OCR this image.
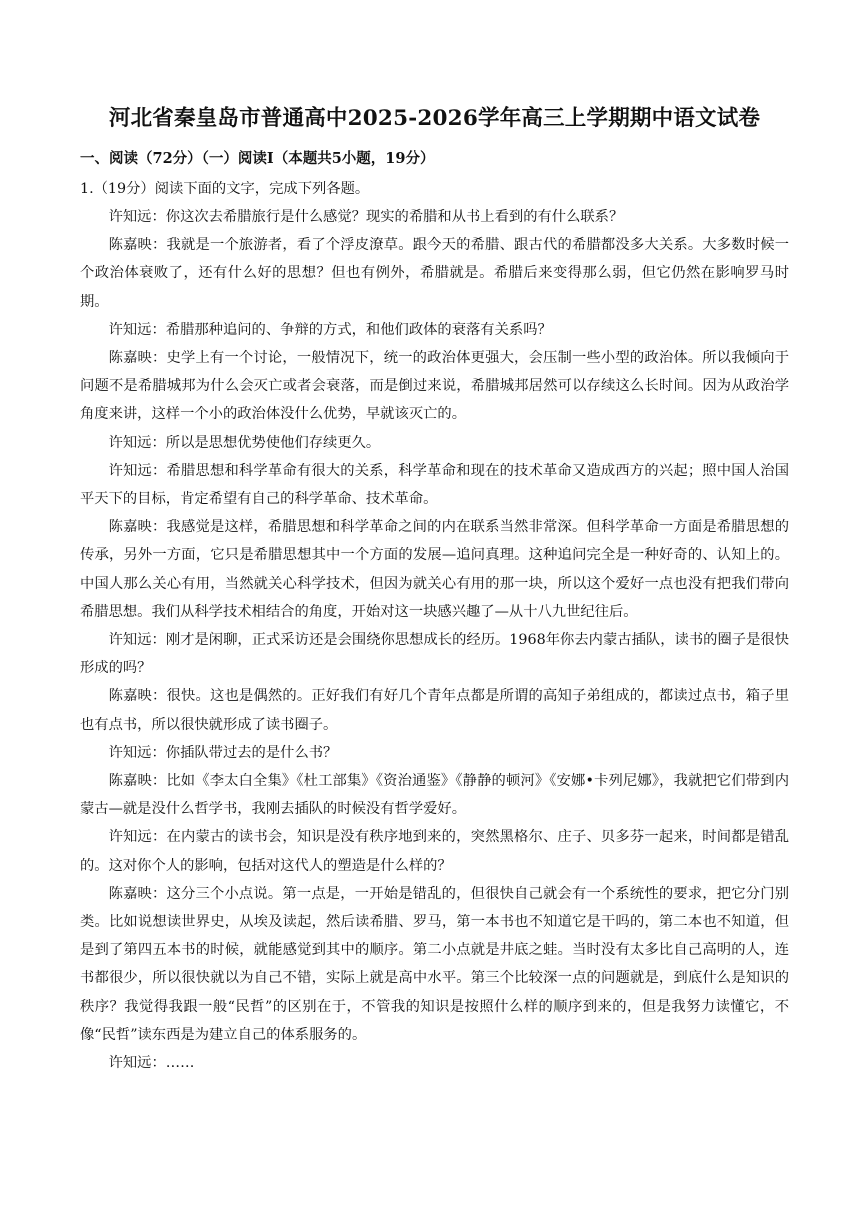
河北省秦皇岛市普通高中2025-2026学年高三上学期期中语文试卷
一、阅读（72分）（一）阅读I（本题共5小题，19分）

1.（19分）阅读下面的文字，完成下列各题。

许知远：你这次去希腊旅行是什么感觉？现实的希腊和从书上看到的有什么联系？

陈嘉映：我就是一个旅游者，看了个浮皮潦草。跟今天的希腊、跟古代的希腊都没多大关系。大多数时候一个政治体衰败了，还有什么好的思想？但也有例外，希腊就是。希腊后来变得那么弱，但它仍然在影响罗马时期。

许知远：希腊那种追问的、争辩的方式，和他们政体的衰落有关系吗？

陈嘉映：史学上有一个讨论，一般情况下，统一的政治体更强大，会压制一些小型的政治体。所以我倾向于问题不是希腊城邦为什么会灭亡或者会衰落，而是倒过来说，希腊城邦居然可以存续这么长时间。因为从政治学角度来讲，这样一个小的政治体没什么优势，早就该灭亡的。

许知远：所以是思想优势使他们存续更久。

许知远：希腊思想和科学革命有很大的关系，科学革命和现在的技术革命又造成西方的兴起；照中国人治国平天下的目标，肯定希望有自己的科学革命、技术革命。

陈嘉映：我感觉是这样，希腊思想和科学革命之间的内在联系当然非常深。但科学革命一方面是希腊思想的传承，另外一方面，它只是希腊思想其中一个方面的发展—追问真理。这种追问完全是一种好奇的、认知上的。中国人那么关心有用，当然就关心科学技术，但因为就关心有用的那一块，所以这个爱好一点也没有把我们带向希腊思想。我们从科学技术相结合的角度，开始对这一块感兴趣了—从十八九世纪往后。

许知远：刚才是闲聊，正式采访还是会围绕你思想成长的经历。1968年你去内蒙古插队，读书的圈子是很快形成的吗？

陈嘉映：很快。这也是偶然的。正好我们有好几个青年点都是所谓的高知子弟组成的，都读过点书，箱子里也有点书，所以很快就形成了读书圈子。

许知远：你插队带过去的是什么书？

陈嘉映：比如《李太白全集》《杜工部集》《资治通鉴》《静静的顿河》《安娜•卡列尼娜》，我就把它们带到内蒙古—就是没什么哲学书，我刚去插队的时候没有哲学爱好。

许知远：在内蒙古的读书会，知识是没有秩序地到来的，突然黑格尔、庄子、贝多芬一起来，时间都是错乱的。这对你个人的影响，包括对这代人的塑造是什么样的？

陈嘉映：这分三个小点说。第一点是，一开始是错乱的，但很快自己就会有一个系统性的要求，把它分门别类。比如说想读世界史，从埃及读起，然后读希腊、罗马，第一本书也不知道它是干吗的，第二本也不知道，但是到了第四五本书的时候，就能感觉到其中的顺序。第二小点就是井底之蛙。当时没有太多比自己高明的人，连书都很少，所以很快就以为自己不错，实际上就是高中水平。第三个比较深一点的问题就是，到底什么是知识的秩序？我觉得我跟一般“民哲”的区别在于，不管我的知识是按照什么样的顺序到来的，但是我努力读懂它，不像“民哲”读东西是为建立自己的体系服务的。

许知远：……
